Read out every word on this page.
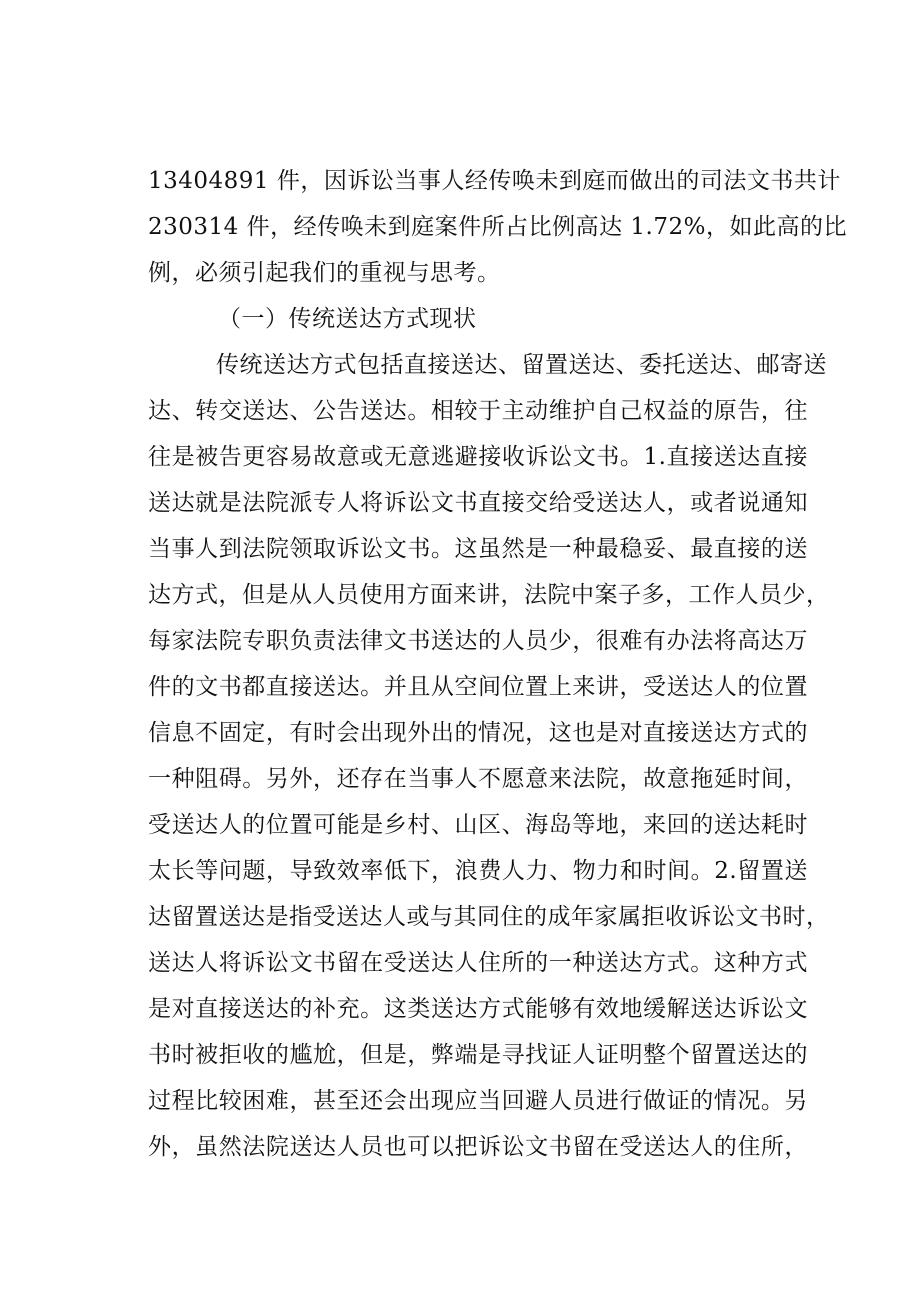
13404891 件，因诉讼当事人经传唤未到庭而做出的司法文书共计
230314 件，经传唤未到庭案件所占比例高达 1.72%，如此高的比
例，必须引起我们的重视与思考。
（一）传统送达方式现状
传统送达方式包括直接送达、留置送达、委托送达、邮寄送
达、转交送达、公告送达。相较于主动维护自己权益的原告，往
往是被告更容易故意或无意逃避接收诉讼文书。1.直接送达直接
送达就是法院派专人将诉讼文书直接交给受送达人，或者说通知
当事人到法院领取诉讼文书。这虽然是一种最稳妥、最直接的送
达方式，但是从人员使用方面来讲，法院中案子多，工作人员少，
每家法院专职负责法律文书送达的人员少，很难有办法将高达万
件的文书都直接送达。并且从空间位置上来讲，受送达人的位置
信息不固定，有时会出现外出的情况，这也是对直接送达方式的
一种阻碍。另外，还存在当事人不愿意来法院，故意拖延时间，
受送达人的位置可能是乡村、山区、海岛等地，来回的送达耗时
太长等问题，导致效率低下，浪费人力、物力和时间。2.留置送
达留置送达是指受送达人或与其同住的成年家属拒收诉讼文书时，
送达人将诉讼文书留在受送达人住所的一种送达方式。这种方式
是对直接送达的补充。这类送达方式能够有效地缓解送达诉讼文
书时被拒收的尴尬，但是，弊端是寻找证人证明整个留置送达的
过程比较困难，甚至还会出现应当回避人员进行做证的情况。另
外，虽然法院送达人员也可以把诉讼文书留在受送达人的住所，
